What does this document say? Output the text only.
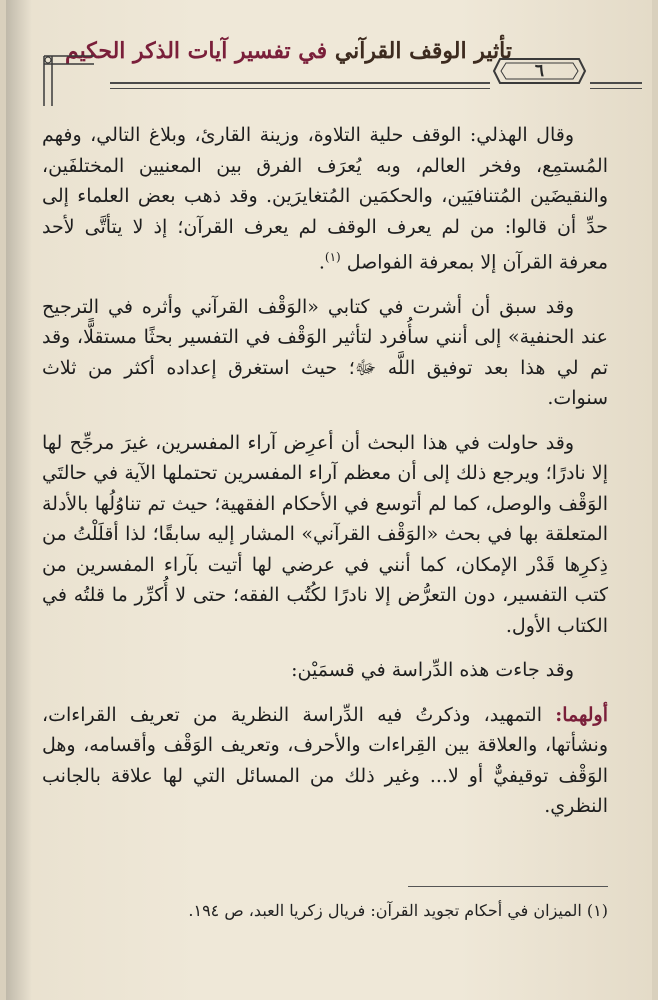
تأثير الوقف القرآني في تفسير آيات الذكر الحكيم
٦

وقال الهذلي: الوقف حلية التلاوة، وزينة القارئ، وبلاغ التالي، وفهم المُستمِع، وفخر العالم، وبه يُعرَف الفرق بين المعنيين المختلفَين، والنقيضَين المُتنافيَين، والحكمَين المُتغايرَين. وقد ذهب بعض العلماء إلى حدِّ أن قالوا: من لم يعرف الوقف لم يعرف القرآن؛ إذ لا يتأتَّى لأحد معرفة القرآن إلا بمعرفة الفواصل $^{(١)}$.

وقد سبق أن أشرت في كتابي «الوَقْف القرآني وأثره في الترجيح عند الحنفية» إلى أنني سأُفرد لتأثير الوَقْف في التفسير بحثًا مستقلًّا، وقد تم لي هذا بعد توفيق اللَّه ﷻ؛ حيث استغرق إعداده أكثر من ثلاث سنوات.

وقد حاولت في هذا البحث أن أعرِض آراء المفسرين، غيرَ مرجِّح لها إلا نادرًا؛ ويرجع ذلك إلى أن معظم آراء المفسرين تحتملها الآية في حالتَي الوَقْف والوصل، كما لم أتوسع في الأحكام الفقهية؛ حيث تم تناوُلُها بالأدلة المتعلقة بها في بحث «الوَقْف القرآني» المشار إليه سابقًا؛ لذا أقلَلْتُ من ذِكرِها قَدْر الإمكان، كما أنني في عرضي لها أتيت بآراء المفسرين من كتب التفسير، دون التعرُّض إلا نادرًا لكُتُب الفقه؛ حتى لا أُكرِّر ما قلتُه في الكتاب الأول.

وقد جاءت هذه الدِّراسة في قسمَيْن:

أولهما: التمهيد، وذكرتُ فيه الدِّراسة النظرية من تعريف القراءات، ونشأتها، والعلاقة بين القِراءات والأحرف، وتعريف الوَقْف وأقسامه، وهل الوَقْف توقيفيٌّ أو لا... وغير ذلك من المسائل التي لها علاقة بالجانب النظري.

(١) الميزان في أحكام تجويد القرآن: فريال زكريا العبد، ص ١٩٤.
